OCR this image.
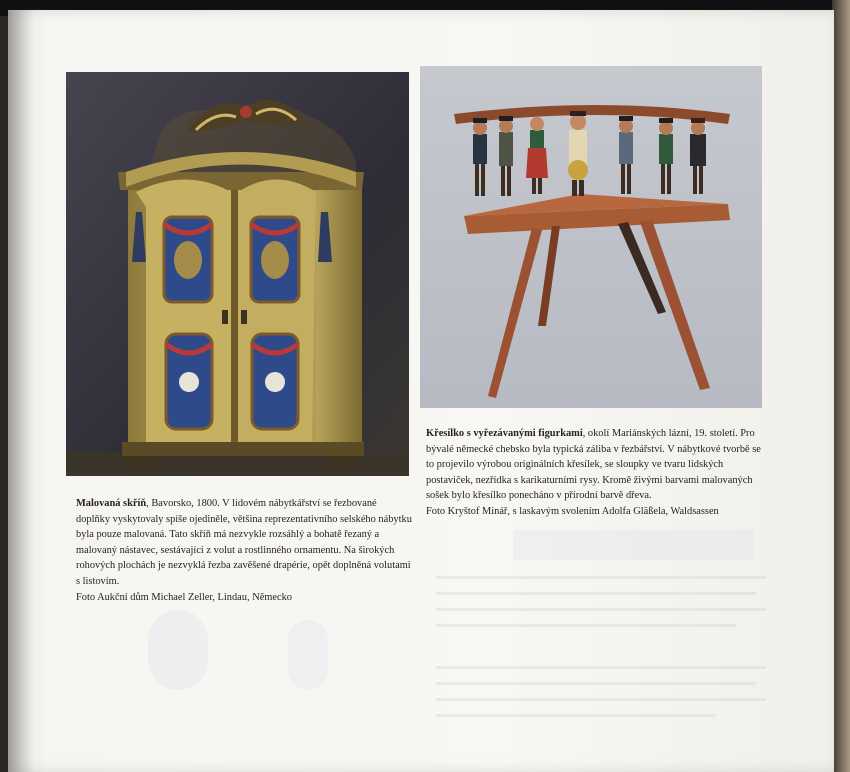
Malovaná skříň, Bavorsko, 1800. V lidovém nábytkářství se řezbované doplňky vyskytovaly spíše ojediněle, většina reprezentativního selského nábytku byla pouze malovaná. Tato skříň má nezvykle rozsáhlý a bohatě řezaný a malovaný nástavec, sestávající z volut a rostlinného ornamentu. Na širokých rohových plochách je nezvyklá řezba zavěšené drapérie, opět doplněná volutami s listovím.
Foto Aukční dům Michael Zeller, Lindau, Německo

Křesílko s vyřezávanými figurkami, okolí Mariánských lázní, 19. století. Pro bývalé německé chebsko byla typická záliba v řezbářství. V nábytkové tvorbě se to projevilo výrobou originálních křesílek, se sloupky ve tvaru lidských postaviček, nezřídka s karikaturními rysy. Kromě živými barvami malovaných sošek bylo křesílko ponecháno v přírodní barvě dřeva.
Foto Kryštof Minář, s laskavým svolením Adolfa Gläßela, Waldsassen
